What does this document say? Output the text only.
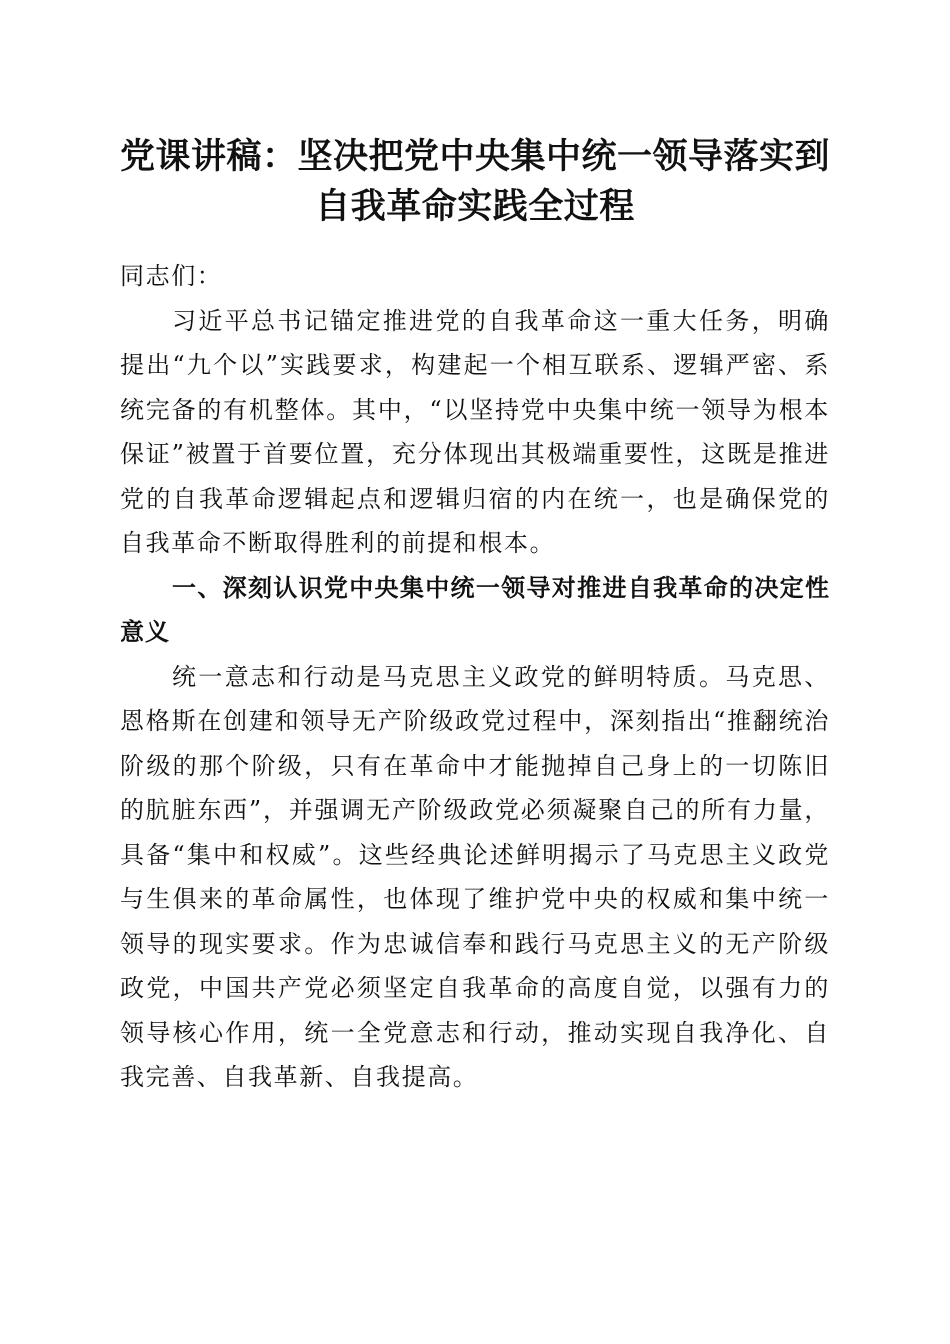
党课讲稿：坚决把党中央集中统一领导落实到
自我革命实践全过程

同志们：

习近平总书记锚定推进党的自我革命这一重大任务，明确提出“九个以”实践要求，构建起一个相互联系、逻辑严密、系统完备的有机整体。其中，“以坚持党中央集中统一领导为根本保证”被置于首要位置，充分体现出其极端重要性，这既是推进党的自我革命逻辑起点和逻辑归宿的内在统一，也是确保党的自我革命不断取得胜利的前提和根本。

一、深刻认识党中央集中统一领导对推进自我革命的决定性意义

统一意志和行动是马克思主义政党的鲜明特质。马克思、恩格斯在创建和领导无产阶级政党过程中，深刻指出“推翻统治阶级的那个阶级，只有在革命中才能抛掉自己身上的一切陈旧的肮脏东西”，并强调无产阶级政党必须凝聚自己的所有力量，具备“集中和权威”。这些经典论述鲜明揭示了马克思主义政党与生俱来的革命属性，也体现了维护党中央的权威和集中统一领导的现实要求。作为忠诚信奉和践行马克思主义的无产阶级政党，中国共产党必须坚定自我革命的高度自觉，以强有力的领导核心作用，统一全党意志和行动，推动实现自我净化、自我完善、自我革新、自我提高。
